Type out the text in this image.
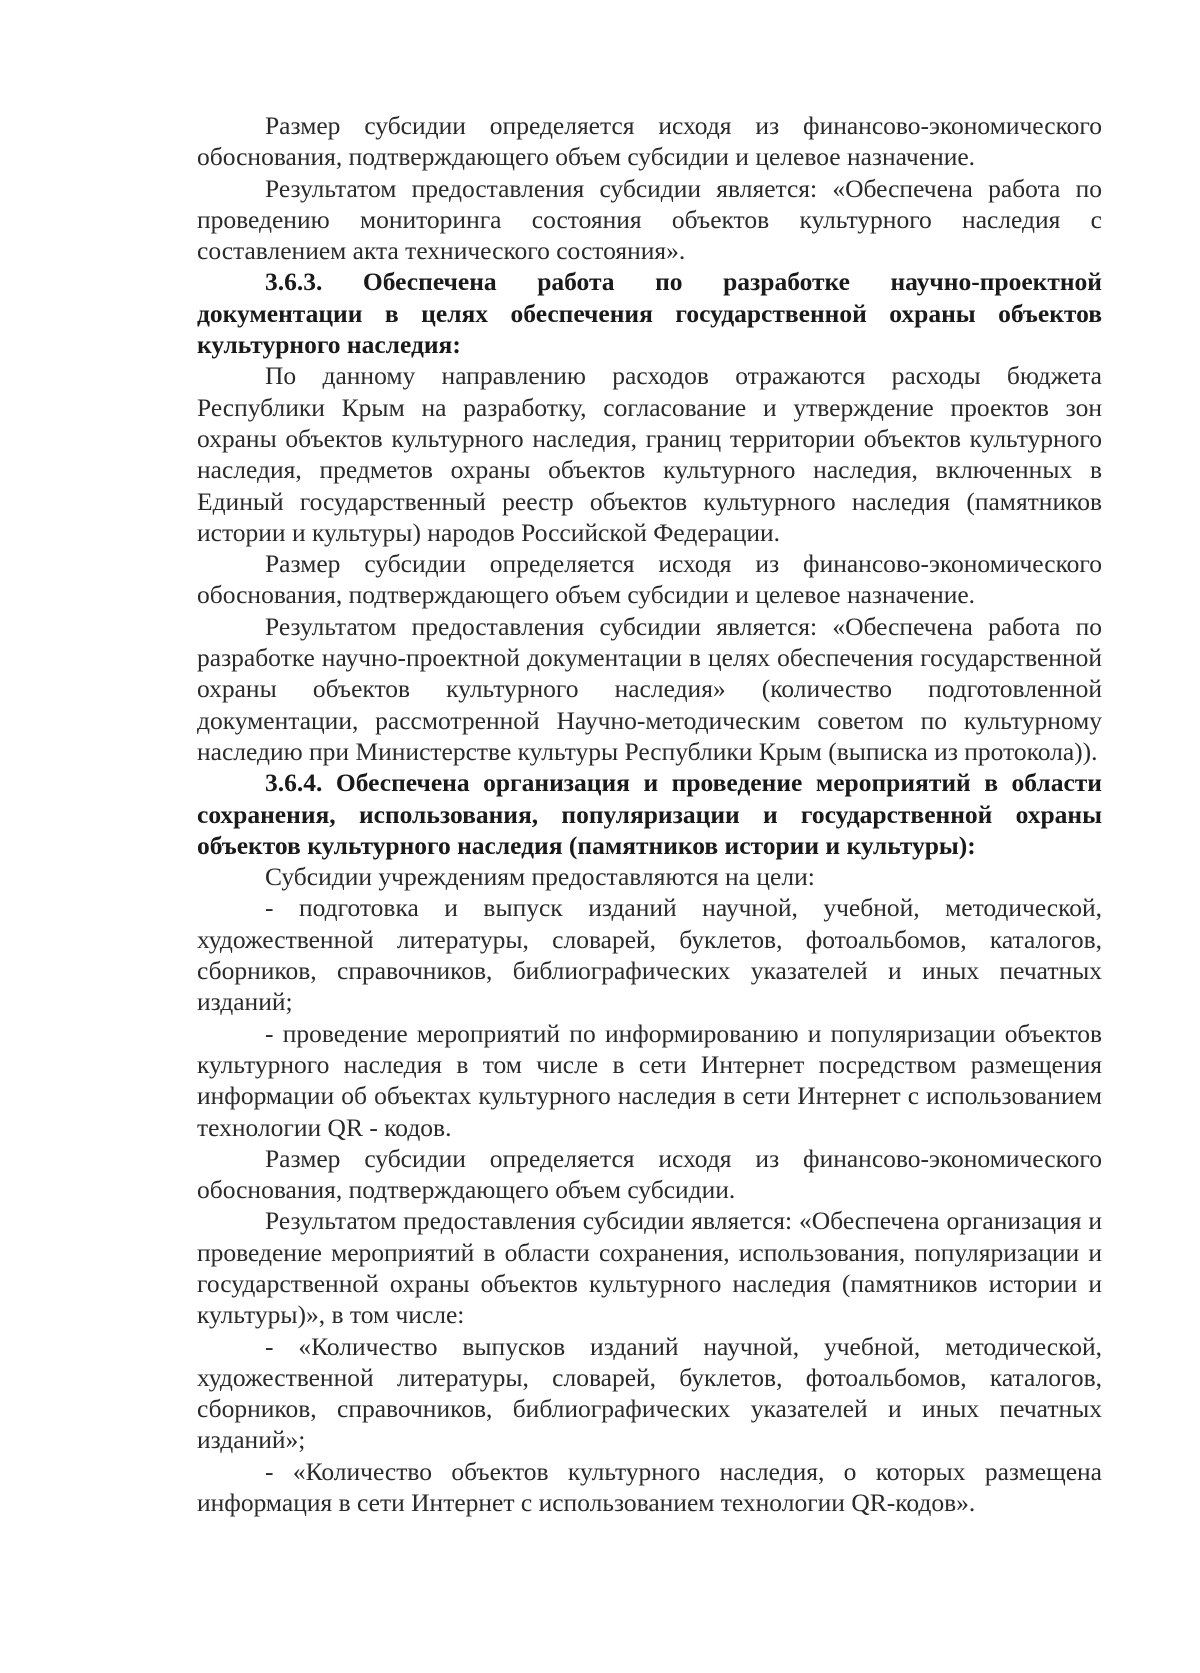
Размер субсидии определяется исходя из финансово-экономического обоснования, подтверждающего объем субсидии и целевое назначение.

Результатом предоставления субсидии является: «Обеспечена работа по проведению мониторинга состояния объектов культурного наследия с составлением акта технического состояния».

3.6.3. Обеспечена работа по разработке научно-проектной документации в целях обеспечения государственной охраны объектов культурного наследия:

По данному направлению расходов отражаются расходы бюджета Республики Крым на разработку, согласование и утверждение проектов зон охраны объектов культурного наследия, границ территории объектов культурного наследия, предметов охраны объектов культурного наследия, включенных в Единый государственный реестр объектов культурного наследия (памятников истории и культуры) народов Российской Федерации.

Размер субсидии определяется исходя из финансово-экономического обоснования, подтверждающего объем субсидии и целевое назначение.

Результатом предоставления субсидии является: «Обеспечена работа по разработке научно-проектной документации в целях обеспечения государственной охраны объектов культурного наследия» (количество подготовленной документации, рассмотренной Научно-методическим советом по культурному наследию при Министерстве культуры Республики Крым (выписка из протокола)).

3.6.4. Обеспечена организация и проведение мероприятий в области сохранения, использования, популяризации и государственной охраны объектов культурного наследия (памятников истории и культуры):

Субсидии учреждениям предоставляются на цели:

- подготовка и выпуск изданий научной, учебной, методической, художественной литературы, словарей, буклетов, фотоальбомов, каталогов, сборников, справочников, библиографических указателей и иных печатных изданий;

- проведение мероприятий по информированию и популяризации объектов культурного наследия в том числе в сети Интернет посредством размещения информации об объектах культурного наследия в сети Интернет с использованием технологии QR - кодов.

Размер субсидии определяется исходя из финансово-экономического обоснования, подтверждающего объем субсидии.

Результатом предоставления субсидии является: «Обеспечена организация и проведение мероприятий в области сохранения, использования, популяризации и государственной охраны объектов культурного наследия (памятников истории и культуры)», в том числе:

- «Количество выпусков изданий научной, учебной, методической, художественной литературы, словарей, буклетов, фотоальбомов, каталогов, сборников, справочников, библиографических указателей и иных печатных изданий»;

- «Количество объектов культурного наследия, о которых размещена информация в сети Интернет с использованием технологии QR-кодов».
